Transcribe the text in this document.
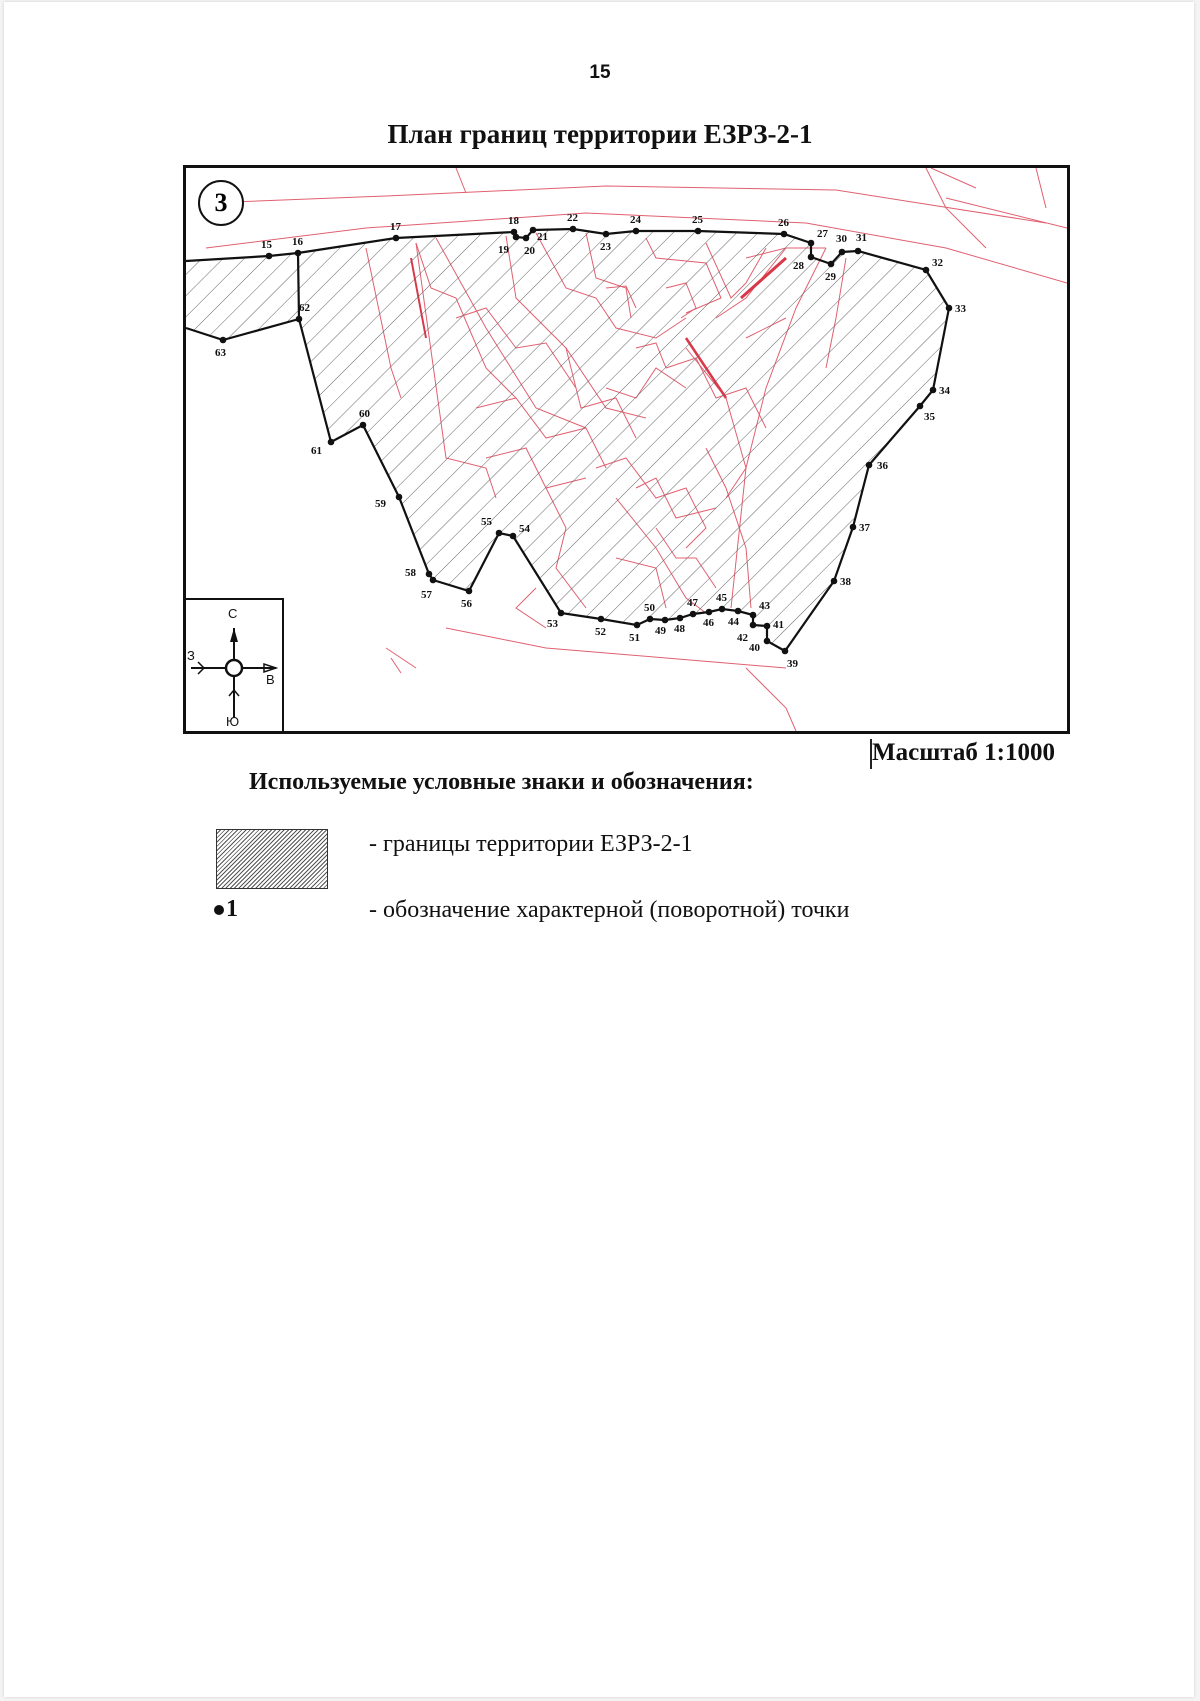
15
План границ территории ЕЗРЗ-2-1
15 16
17	18
19 20
21
22
23
24	25	26
27
28
29
30 31
32
33
34
35
36
37
38
39
40
41
42
43
44
45
46
47
48
49
50
51
52
53
54
55
56
57
58
59
60
61
62
63
3
С
Ю
З
В
Масштаб 1:1000
Используемые условные знаки и обозначения:
- границы территории ЕЗРЗ-2-1
1	- обозначение характерной (поворотной) точки
